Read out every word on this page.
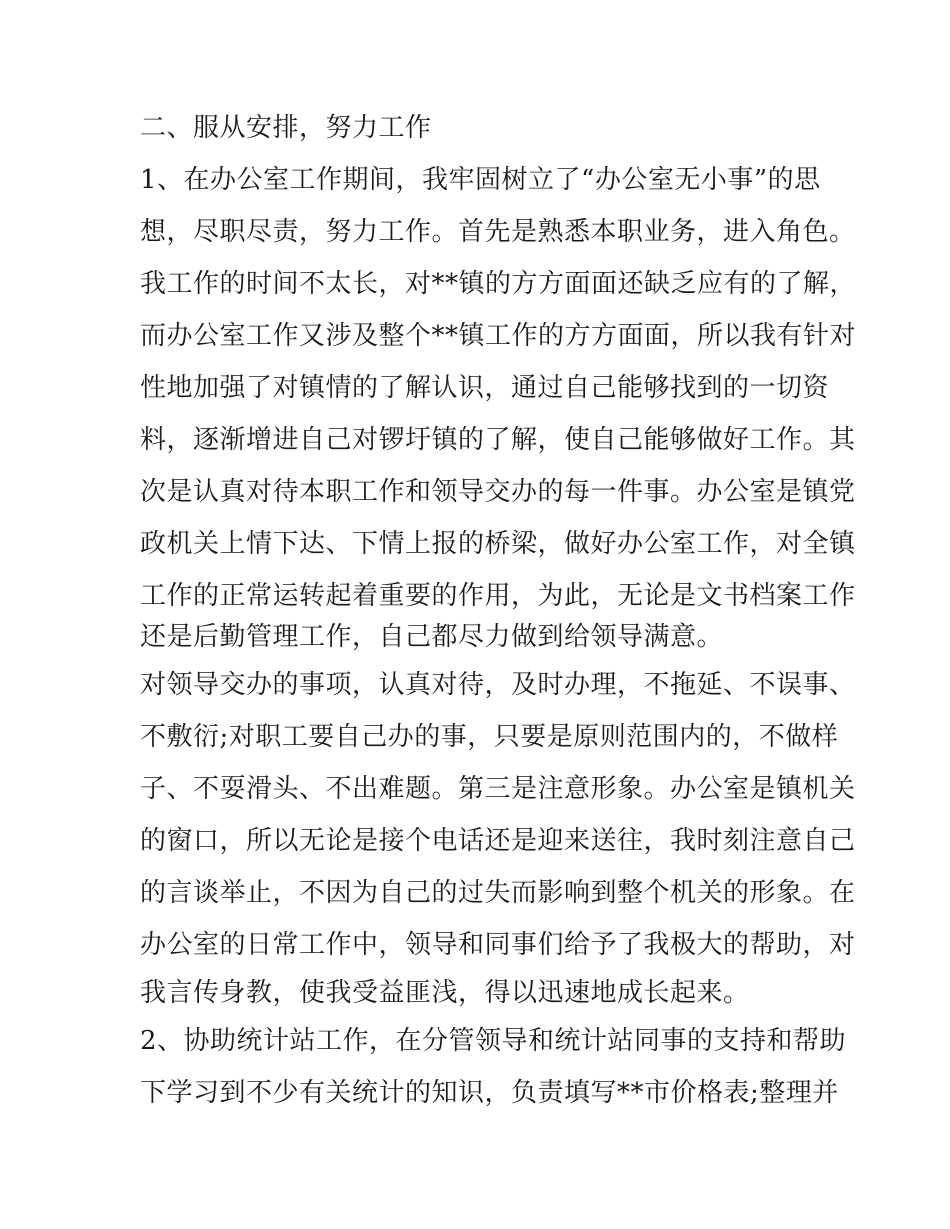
二、服从安排，努力工作
1、在办公室工作期间，我牢固树立了“办公室无小事”的思
想，尽职尽责，努力工作。首先是熟悉本职业务，进入角色。
我工作的时间不太长，对**镇的方方面面还缺乏应有的了解，
而办公室工作又涉及整个**镇工作的方方面面，所以我有针对
性地加强了对镇情的了解认识，通过自己能够找到的一切资
料，逐渐增进自己对锣圩镇的了解，使自己能够做好工作。其
次是认真对待本职工作和领导交办的每一件事。办公室是镇党
政机关上情下达、下情上报的桥梁，做好办公室工作，对全镇
工作的正常运转起着重要的作用，为此，无论是文书档案工作
还是后勤管理工作，自己都尽力做到给领导满意。
对领导交办的事项，认真对待，及时办理，不拖延、不误事、
不敷衍;对职工要自己办的事，只要是原则范围内的，不做样
子、不耍滑头、不出难题。第三是注意形象。办公室是镇机关
的窗口，所以无论是接个电话还是迎来送往，我时刻注意自己
的言谈举止，不因为自己的过失而影响到整个机关的形象。在
办公室的日常工作中，领导和同事们给予了我极大的帮助，对
我言传身教，使我受益匪浅，得以迅速地成长起来。
2、协助统计站工作，在分管领导和统计站同事的支持和帮助
下学习到不少有关统计的知识，负责填写**市价格表;整理并
